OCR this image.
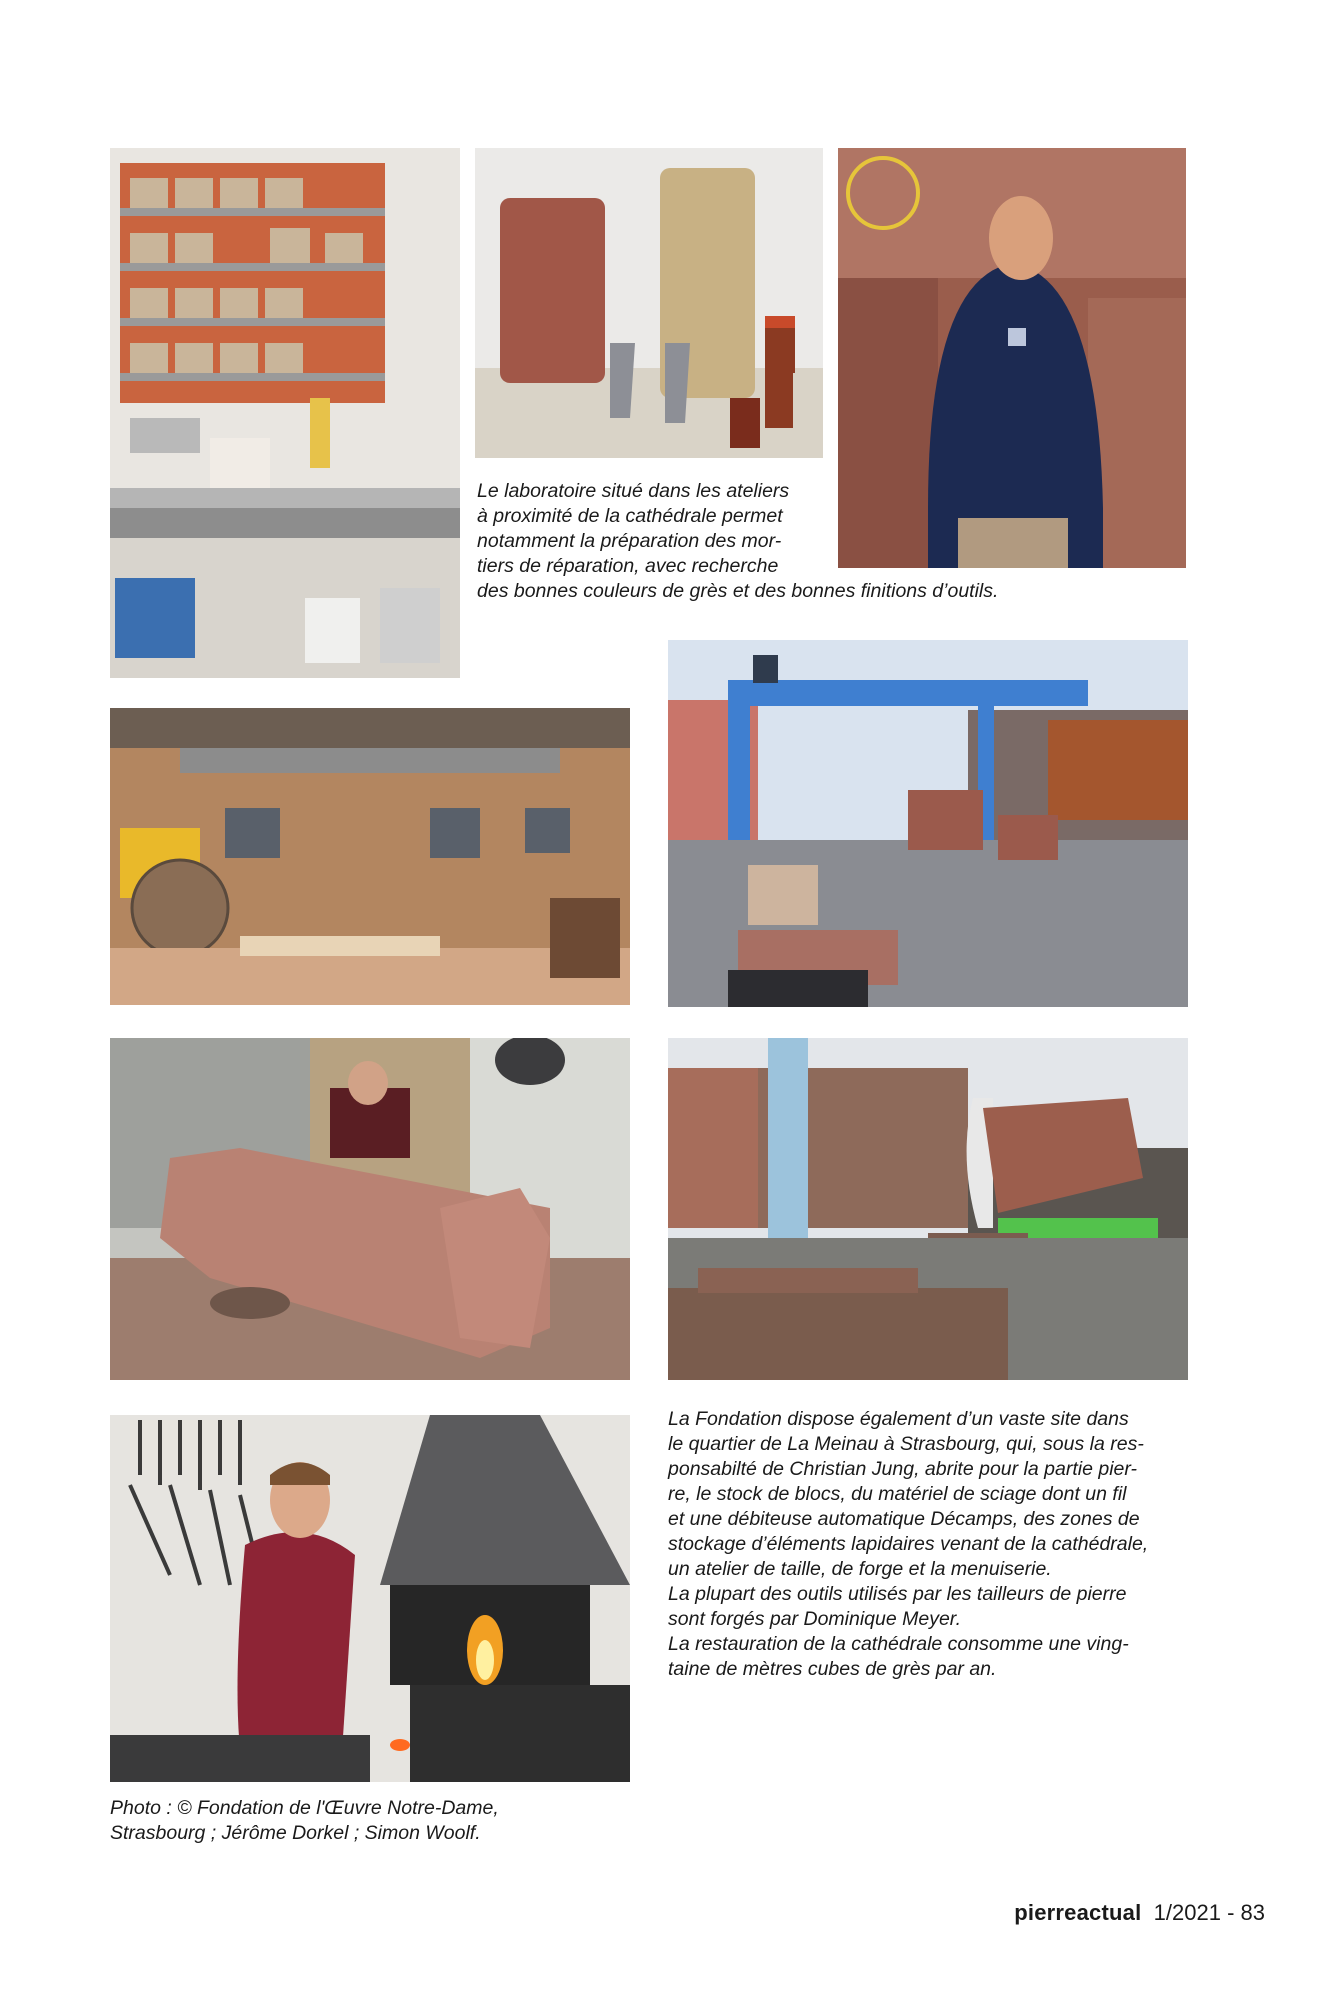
Le laboratoire situé dans les ateliers
à proximité de la cathédrale permet
notamment la préparation des mor-
tiers de réparation, avec recherche
des bonnes couleurs de grès et des bonnes finitions d’outils.
La Fondation dispose également d’un vaste site dans
le quartier de La Meinau à Strasbourg, qui, sous la res-
ponsabilté de Christian Jung, abrite pour la partie pier-
re, le stock de blocs, du matériel de sciage dont un fil
et une débiteuse automatique Décamps, des zones de
stockage d’éléments lapidaires venant de la cathédrale,
un atelier de taille, de forge et la menuiserie.
La plupart des outils utilisés par les tailleurs de pierre
sont forgés par Dominique Meyer.
La restauration de la cathédrale consomme une ving-
taine de mètres cubes de grès par an.
Photo : © Fondation de l'Œuvre Notre-Dame,
Strasbourg ; Jérôme Dorkel ; Simon Woolf.
pierreactual 1/2021 - 83
